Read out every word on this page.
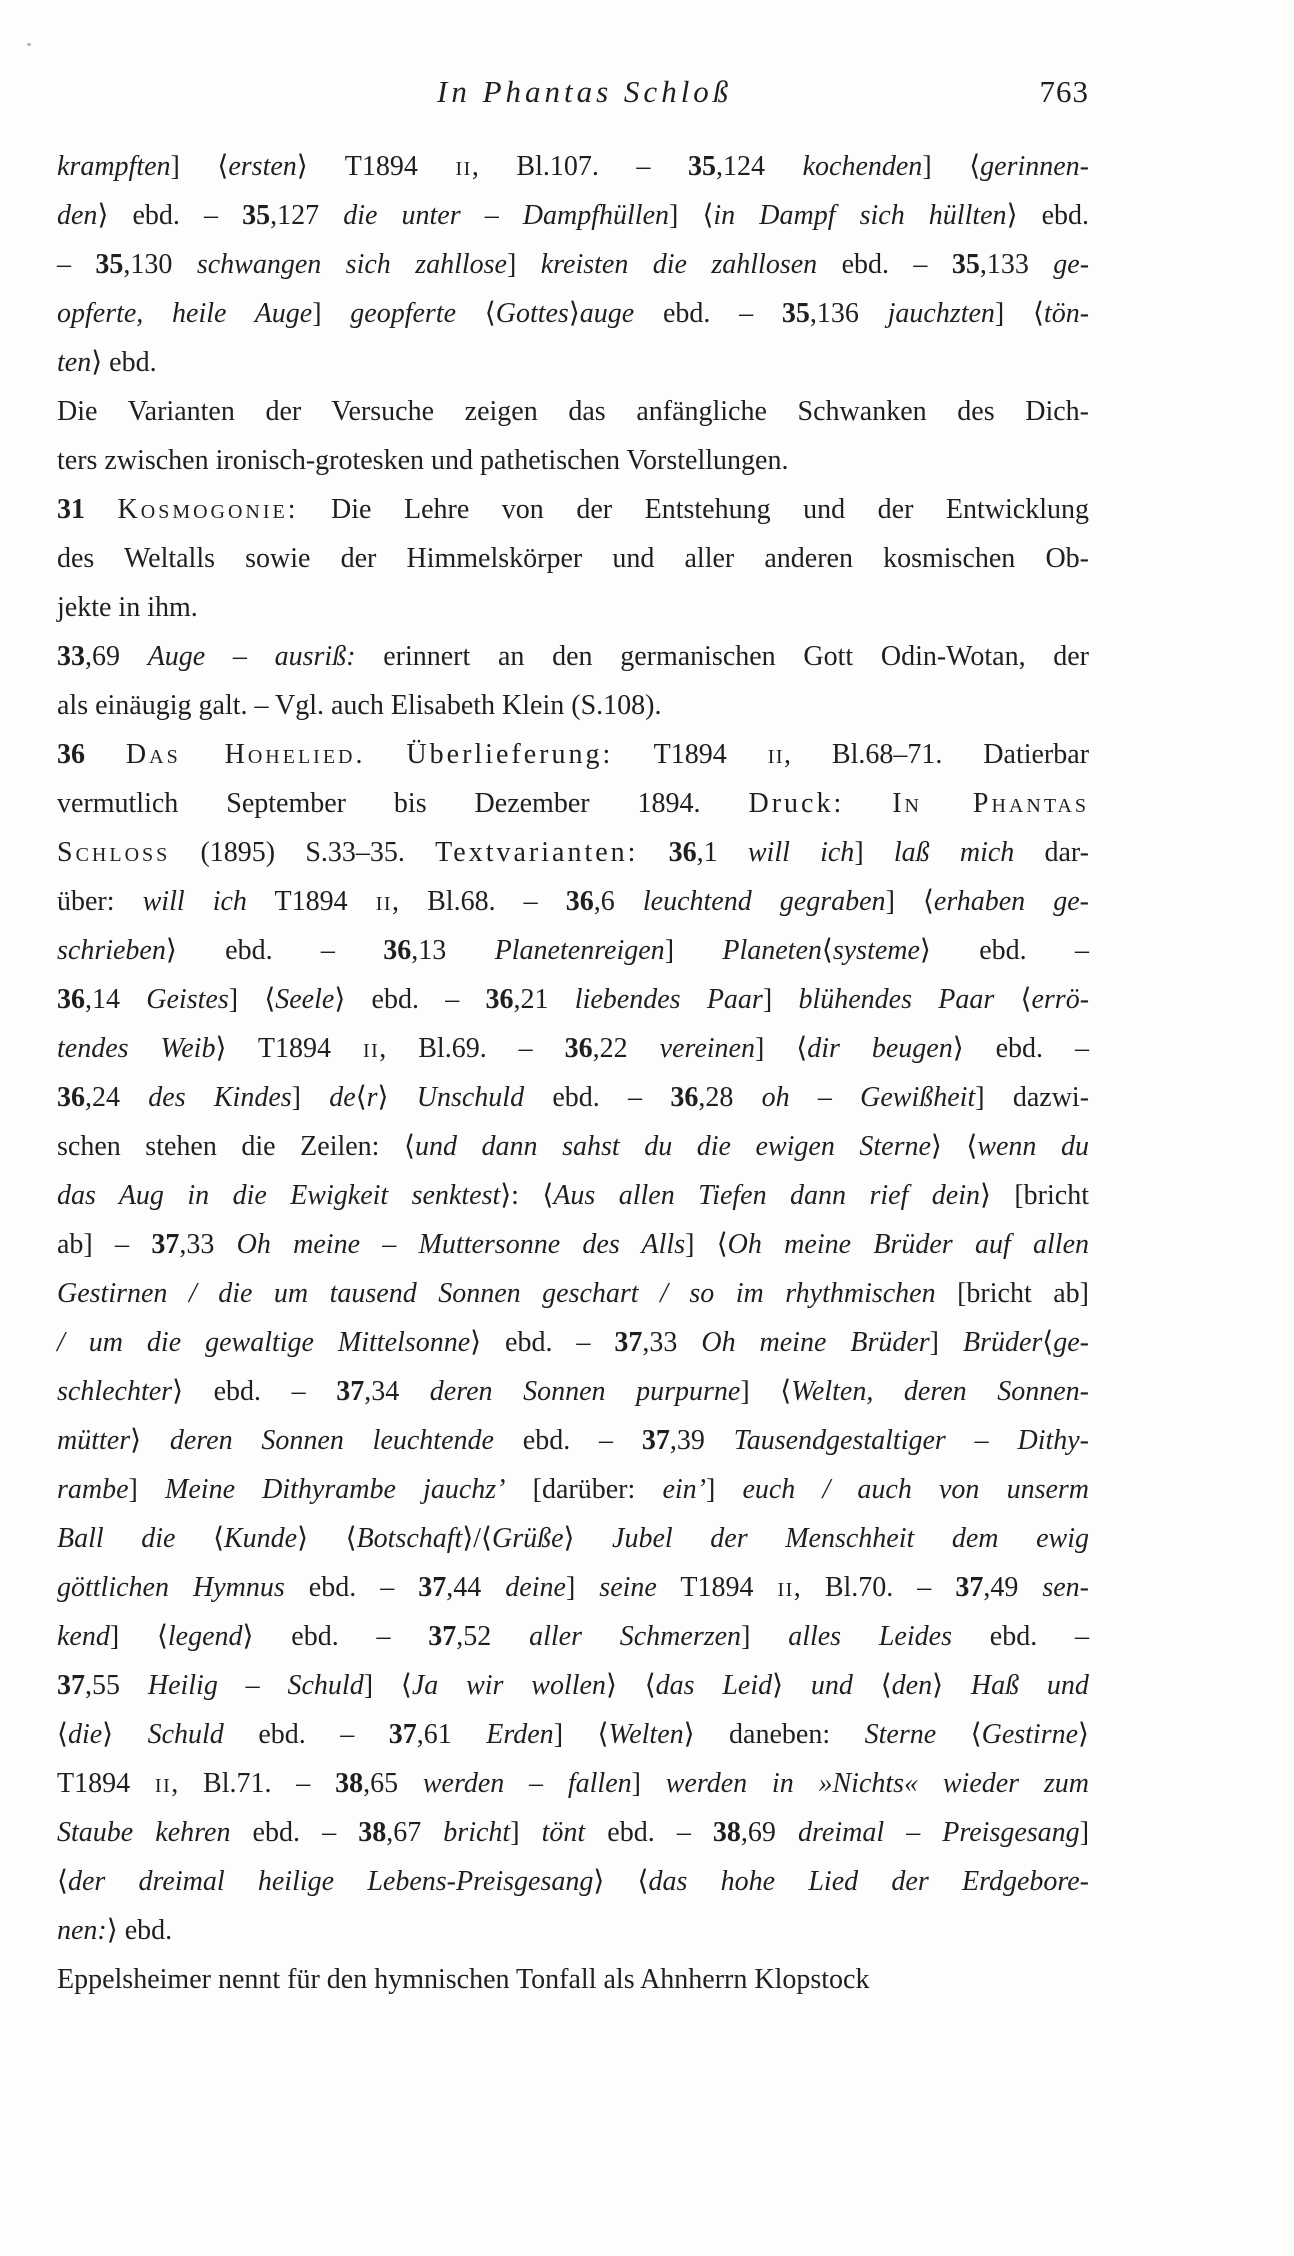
In Phantas Schloß	763
krampften] ⟨ersten⟩ T1894 ii, Bl.107. – 35,124 kochenden] ⟨gerinnen-
den⟩ ebd. – 35,127 die unter – Dampfhüllen] ⟨in Dampf sich hüllten⟩ ebd.
– 35,130 schwangen sich zahllose] kreisten die zahllosen ebd. – 35,133 ge-
opferte, heile Auge] geopferte ⟨Gottes⟩auge ebd. – 35,136 jauchzten] ⟨tön-
ten⟩ ebd.
Die Varianten der Versuche zeigen das anfängliche Schwanken des Dich-
ters zwischen ironisch-grotesken und pathetischen Vorstellungen.
31 Kosmogonie: Die Lehre von der Entstehung und der Entwicklung
des Weltalls sowie der Himmelskörper und aller anderen kosmischen Ob-
jekte in ihm.
33,69 Auge – ausriß: erinnert an den germanischen Gott Odin-Wotan, der
als einäugig galt. – Vgl. auch Elisabeth Klein (S.108).
36 Das Hohelied. Überlieferung: T1894 ii, Bl.68–71. Datierbar
vermutlich September bis Dezember 1894. Druck: In Phantas
Schloss (1895) S.33–35. Textvarianten: 36,1 will ich] laß mich dar-
über: will ich T1894 ii, Bl.68. – 36,6 leuchtend gegraben] ⟨erhaben ge-
schrieben⟩ ebd. – 36,13 Planetenreigen] Planeten⟨systeme⟩ ebd. –
36,14 Geistes] ⟨Seele⟩ ebd. – 36,21 liebendes Paar] blühendes Paar ⟨errö-
tendes Weib⟩ T1894 ii, Bl.69. – 36,22 vereinen] ⟨dir beugen⟩ ebd. –
36,24 des Kindes] de⟨r⟩ Unschuld ebd. – 36,28 oh – Gewißheit] dazwi-
schen stehen die Zeilen: ⟨und dann sahst du die ewigen Sterne⟩ ⟨wenn du
das Aug in die Ewigkeit senktest⟩: ⟨Aus allen Tiefen dann rief dein⟩ [bricht
ab] – 37,33 Oh meine – Muttersonne des Alls] ⟨Oh meine Brüder auf allen
Gestirnen / die um tausend Sonnen geschart / so im rhythmischen [bricht ab]
/ um die gewaltige Mittelsonne⟩ ebd. – 37,33 Oh meine Brüder] Brüder⟨ge-
schlechter⟩ ebd. – 37,34 deren Sonnen purpurne] ⟨Welten, deren Sonnen-
mütter⟩ deren Sonnen leuchtende ebd. – 37,39 Tausendgestaltiger – Dithy-
rambe] Meine Dithyrambe jauchz’ [darüber: ein’] euch / auch von unserm
Ball die ⟨Kunde⟩ ⟨Botschaft⟩/⟨Grüße⟩ Jubel der Menschheit dem ewig
göttlichen Hymnus ebd. – 37,44 deine] seine T1894 ii, Bl.70. – 37,49 sen-
kend] ⟨legend⟩ ebd. – 37,52 aller Schmerzen] alles Leides ebd. –
37,55 Heilig – Schuld] ⟨Ja wir wollen⟩ ⟨das Leid⟩ und ⟨den⟩ Haß und
⟨die⟩ Schuld ebd. – 37,61 Erden] ⟨Welten⟩ daneben: Sterne ⟨Gestirne⟩
T1894 ii, Bl.71. – 38,65 werden – fallen] werden in »Nichts« wieder zum
Staube kehren ebd. – 38,67 bricht] tönt ebd. – 38,69 dreimal – Preisgesang]
⟨der dreimal heilige Lebens-Preisgesang⟩ ⟨das hohe Lied der Erdgebore-
nen:⟩ ebd.
Eppelsheimer nennt für den hymnischen Tonfall als Ahnherrn Klopstock
